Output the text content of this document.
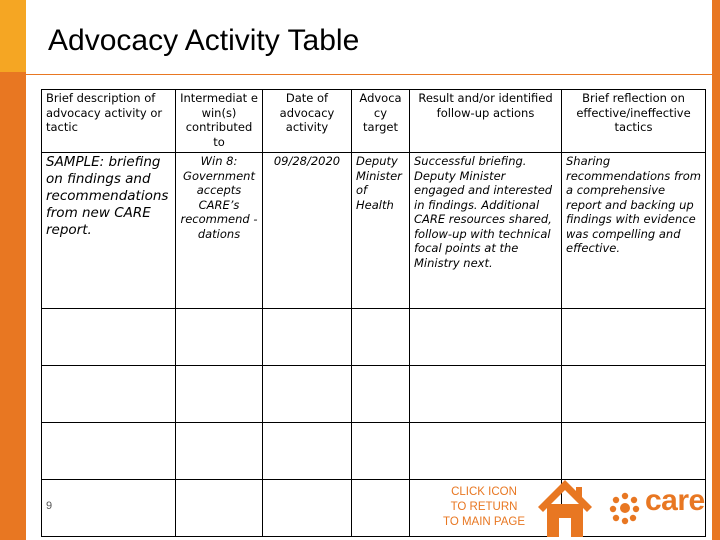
Advocacy Activity Table
Brief description of advocacy activity or tactic	Intermediat e win(s) contributed to	Date of advocacy activity	Advoca cy target	Result and/or identified follow-up actions	Brief reflection on effective/ineffective tactics
SAMPLE: briefing on findings and recommendations from new CARE report.	Win 8: Government accepts CARE’s recommend -dations	09/28/2020	Deputy Minister of Health	Successful briefing. Deputy Minister engaged and interested in findings. Additional CARE resources shared, follow-up with technical focal points at the Ministry next.	Sharing recommendations from a comprehensive report and backing up findings with evidence was compelling and effective.

9
CLICK ICON TO RETURN TO MAIN PAGE
care
